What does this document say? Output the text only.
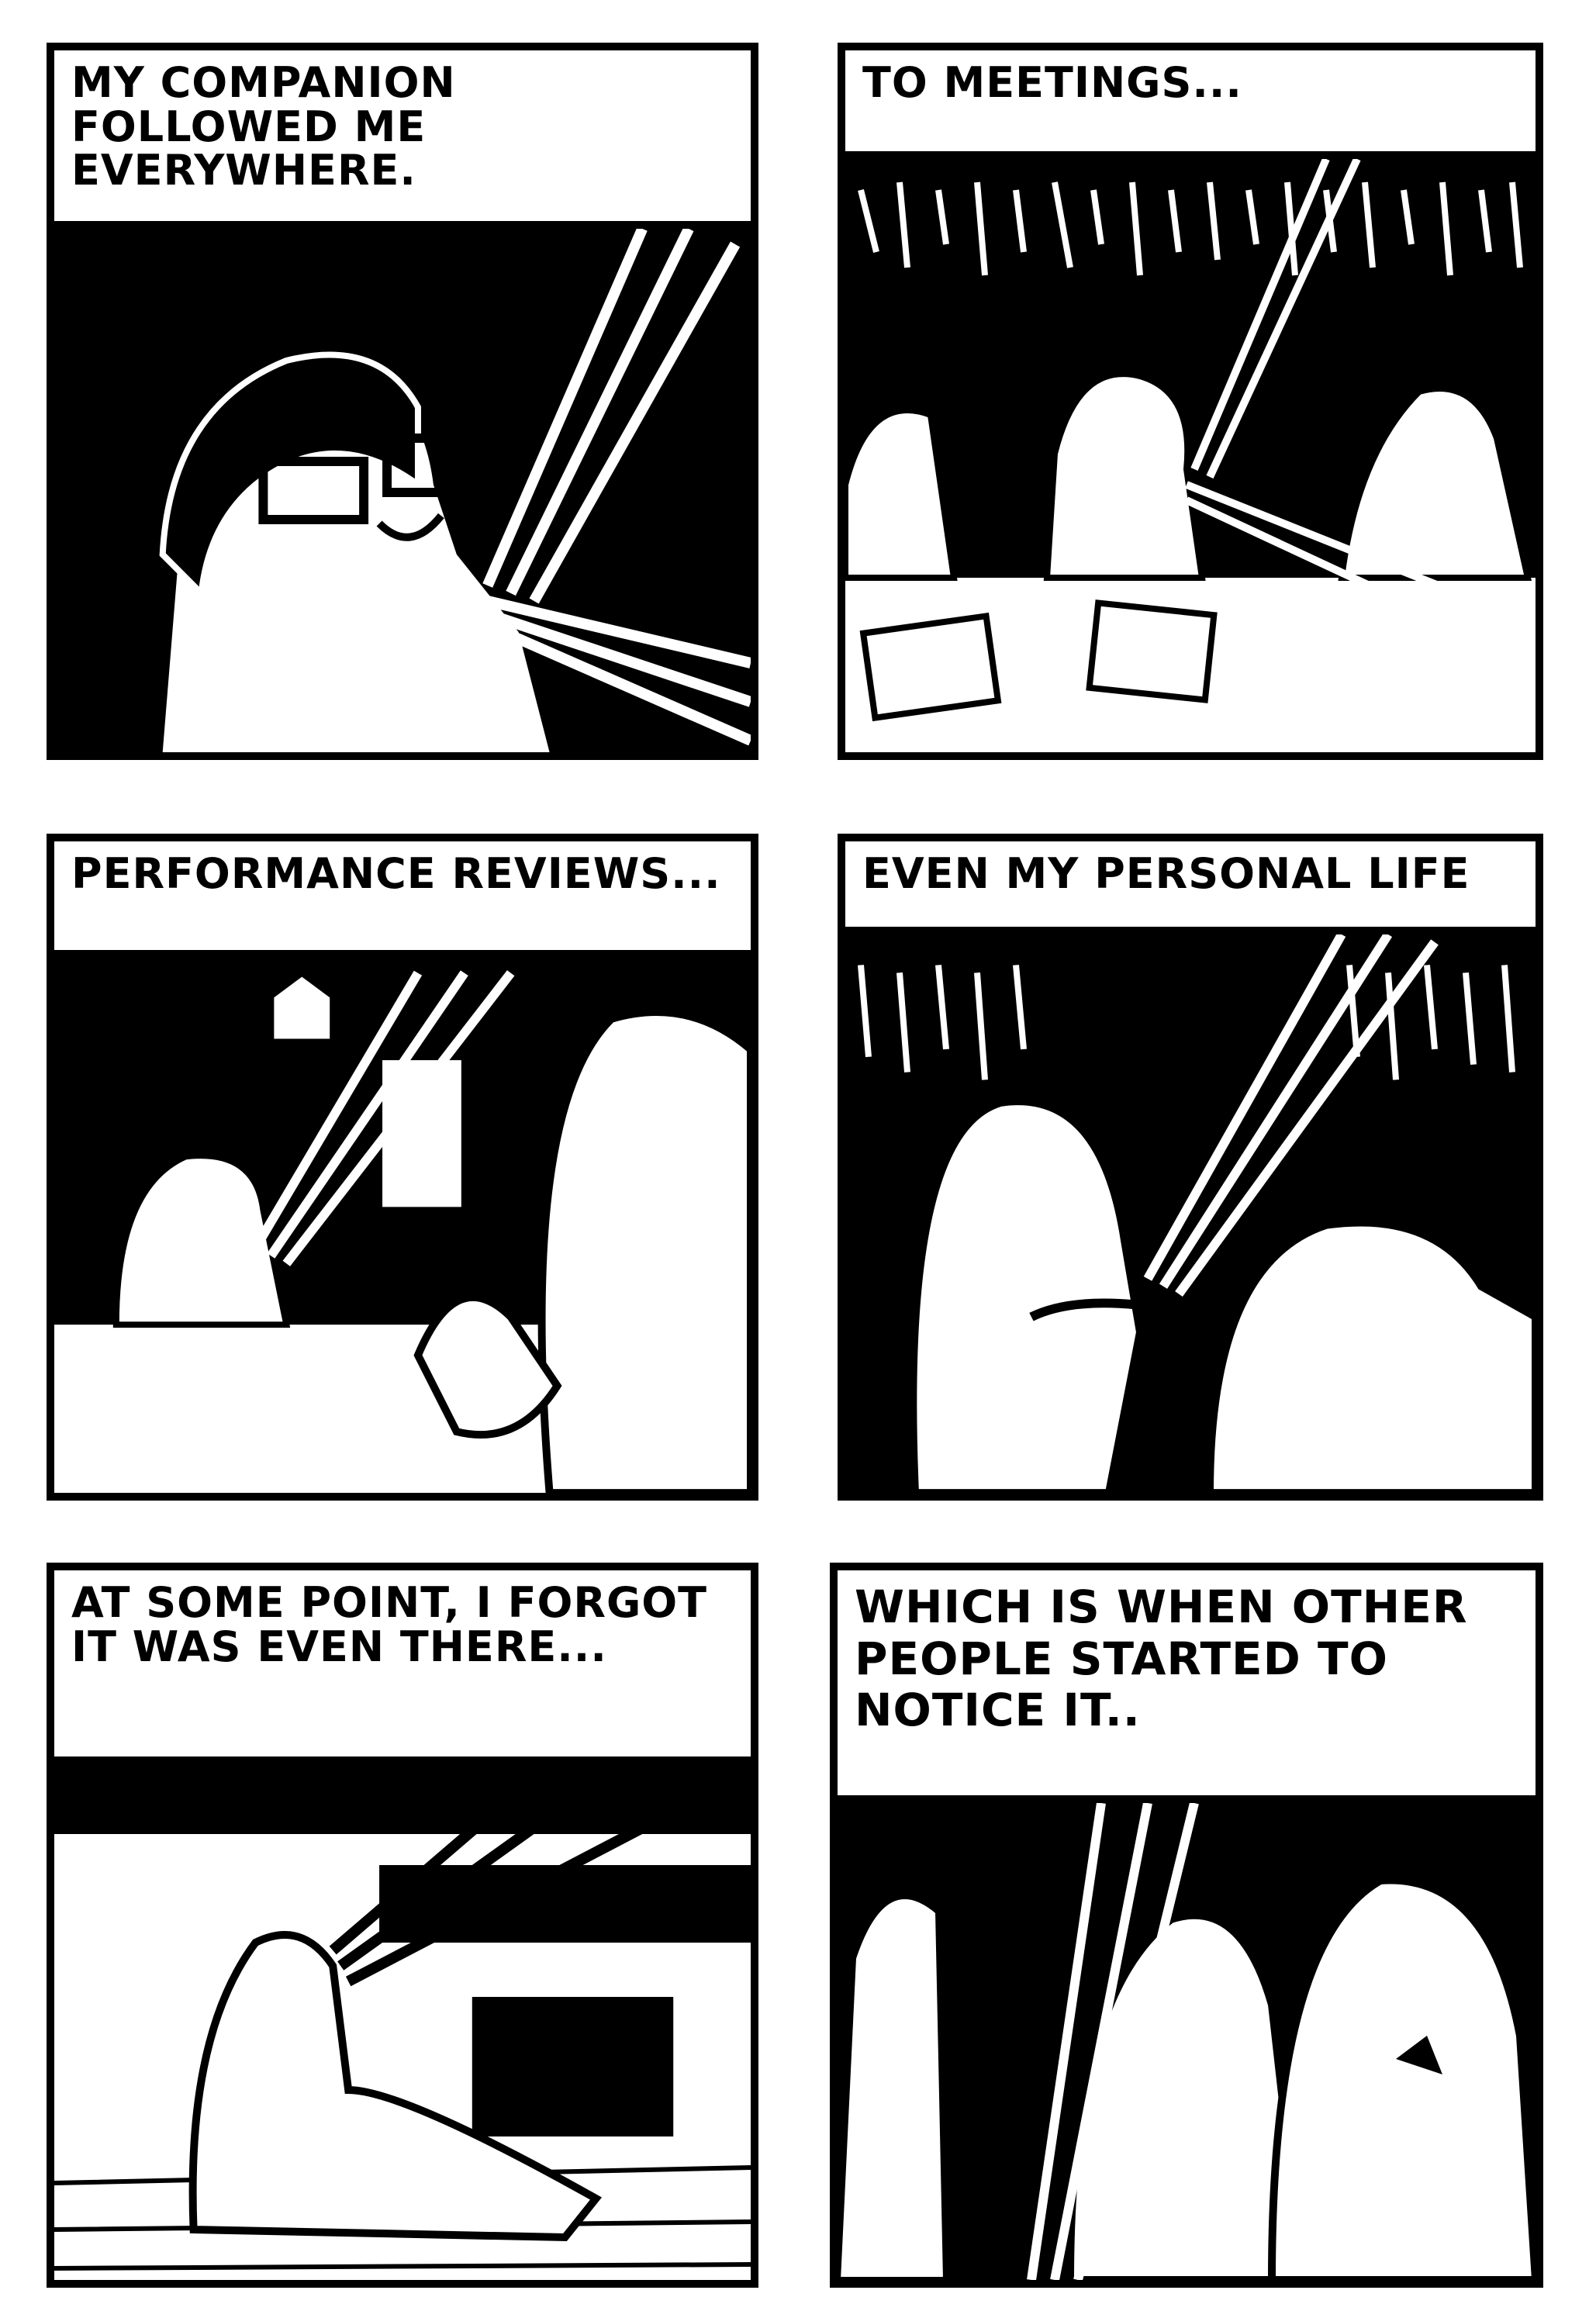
MY COMPANION FOLLOWED ME EVERYWHERE.
TO MEETINGS...
PERFORMANCE REVIEWS...	EVEN MY PERSONAL LIFE
AT SOME POINT, I FORGOT IT WAS EVEN THERE...
WHICH IS WHEN OTHER PEOPLE STARTED TO NOTICE IT..
